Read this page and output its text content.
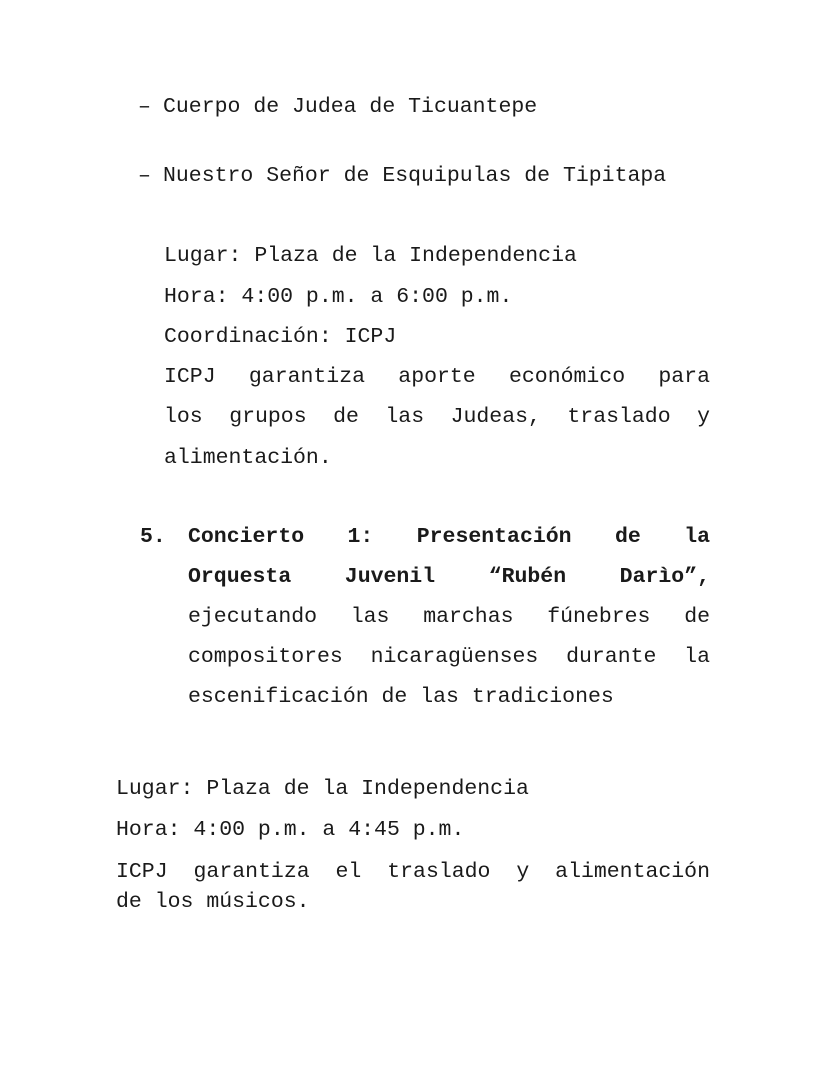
– Cuerpo de Judea de Ticuantepe
– Nuestro Señor de Esquipulas de Tipitapa
Lugar: Plaza de la Independencia
Hora: 4:00 p.m. a 6:00 p.m.
Coordinación: ICPJ
ICPJ garantiza aporte económico para
los grupos de las Judeas, traslado y
alimentación.
5. Concierto 1: Presentación de la
Orquesta Juvenil “Rubén Darìo”,
ejecutando las marchas fúnebres de
compositores nicaragüenses durante la
escenificación de las tradiciones
Lugar: Plaza de la Independencia
Hora: 4:00 p.m. a 4:45 p.m.
ICPJ garantiza el traslado y alimentación
de los músicos.
